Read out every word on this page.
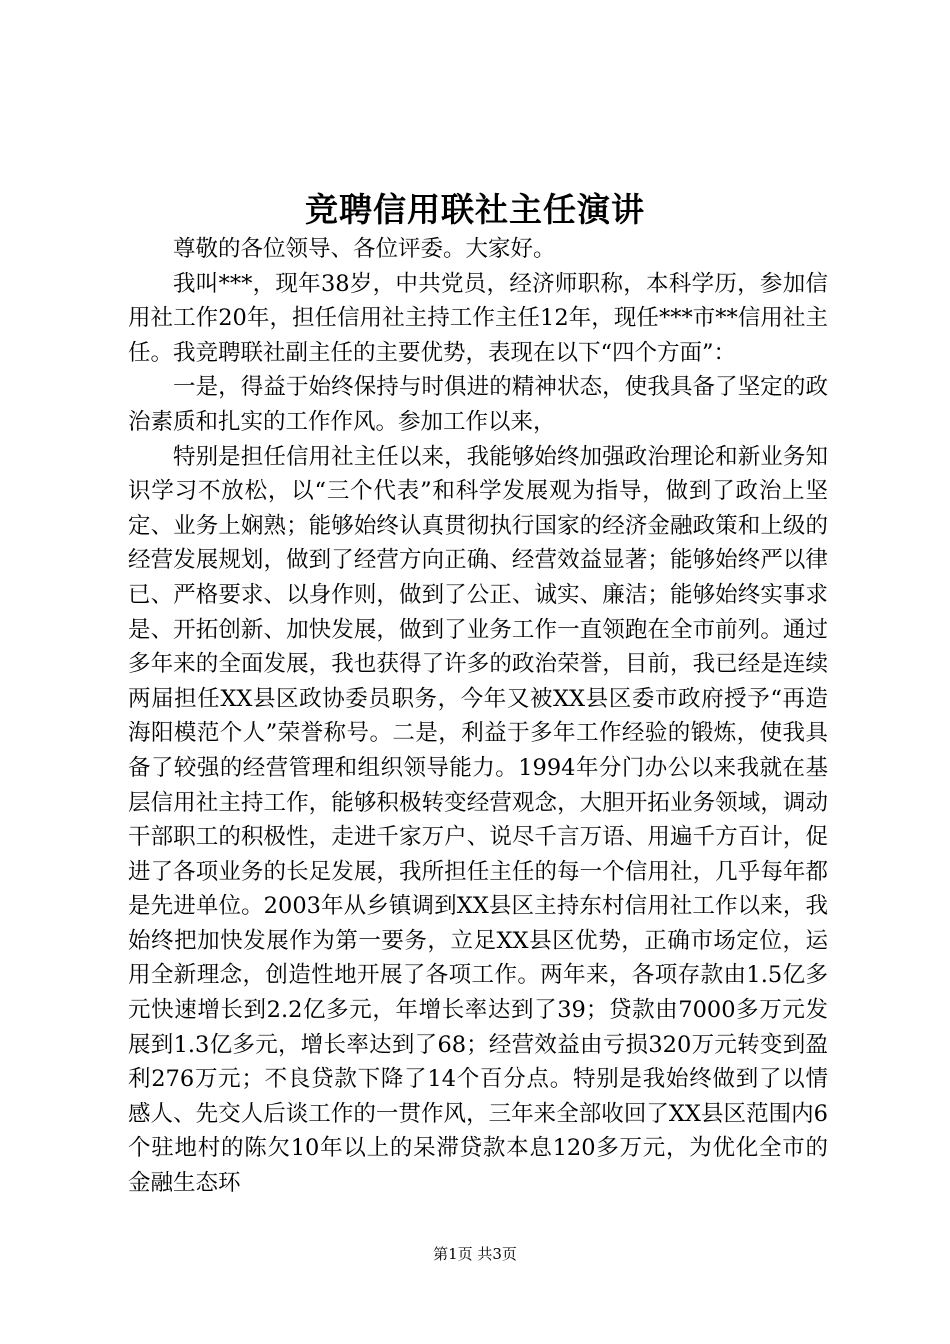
竞聘信用联社主任演讲

尊敬的各位领导、各位评委。大家好。

我叫***，现年38岁，中共党员，经济师职称，本科学历，参加信用社工作20年，担任信用社主持工作主任12年，现任***市**信用社主任。我竞聘联社副主任的主要优势，表现在以下“四个方面”：

一是，得益于始终保持与时俱进的精神状态，使我具备了坚定的政治素质和扎实的工作作风。参加工作以来，

特别是担任信用社主任以来，我能够始终加强政治理论和新业务知识学习不放松，以“三个代表”和科学发展观为指导，做到了政治上坚定、业务上娴熟；能够始终认真贯彻执行国家的经济金融政策和上级的经营发展规划，做到了经营方向正确、经营效益显著；能够始终严以律已、严格要求、以身作则，做到了公正、诚实、廉洁；能够始终实事求是、开拓创新、加快发展，做到了业务工作一直领跑在全市前列。通过多年来的全面发展，我也获得了许多的政治荣誉，目前，我已经是连续两届担任XX县区政协委员职务，今年又被XX县区委市政府授予“再造海阳模范个人”荣誉称号。二是，利益于多年工作经验的锻炼，使我具备了较强的经营管理和组织领导能力。1994年分门办公以来我就在基层信用社主持工作，能够积极转变经营观念，大胆开拓业务领域，调动干部职工的积极性，走进千家万户、说尽千言万语、用遍千方百计，促进了各项业务的长足发展，我所担任主任的每一个信用社，几乎每年都是先进单位。2003年从乡镇调到XX县区主持东村信用社工作以来，我始终把加快发展作为第一要务，立足XX县区优势，正确市场定位，运用全新理念，创造性地开展了各项工作。两年来，各项存款由1.5亿多元快速增长到2.2亿多元，年增长率达到了39；贷款由7000多万元发展到1.3亿多元，增长率达到了68；经营效益由亏损320万元转变到盈利276万元；不良贷款下降了14个百分点。特别是我始终做到了以情感人、先交人后谈工作的一贯作风，三年来全部收回了XX县区范围内6个驻地村的陈欠10年以上的呆滞贷款本息120多万元，为优化全市的金融生态环

第1页 共3页
